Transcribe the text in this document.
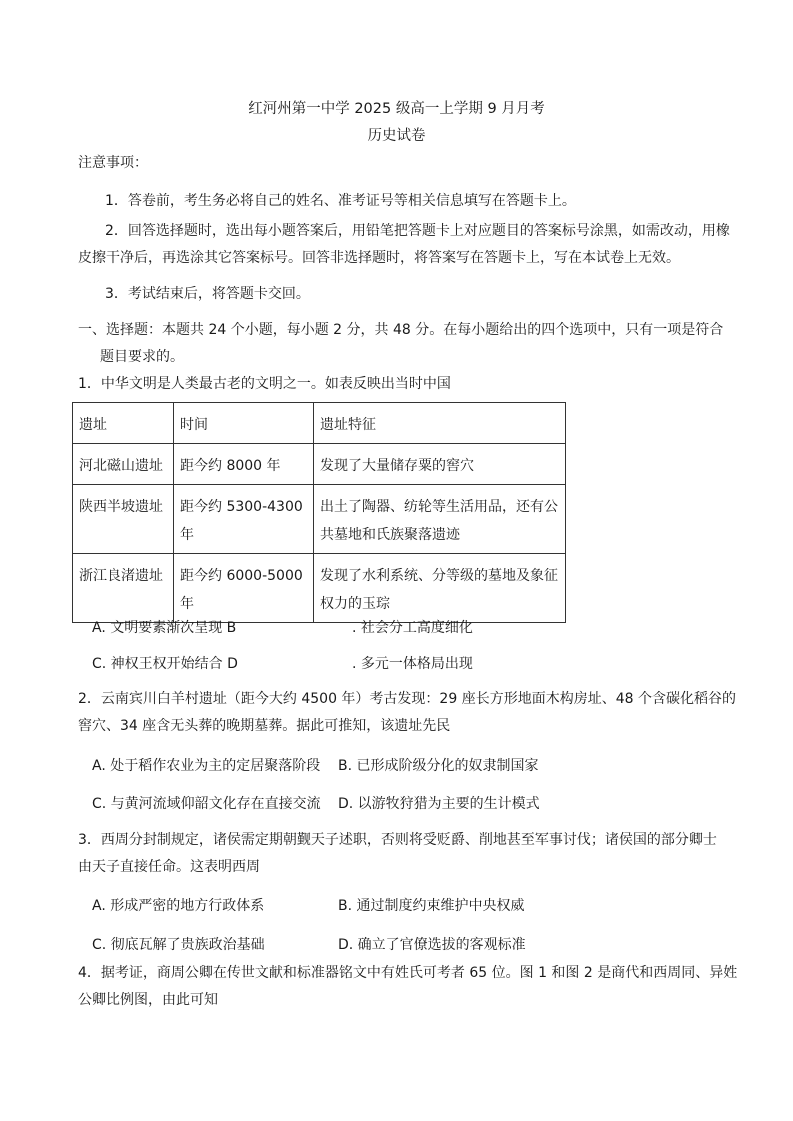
红河州第一中学 2025 级高一上学期 9 月月考
历史试卷
注意事项：
1．答卷前，考生务必将自己的姓名、准考证号等相关信息填写在答题卡上。
2．回答选择题时，选出每小题答案后，用铅笔把答题卡上对应题目的答案标号涂黑，如需改动，用橡
皮擦干净后，再选涂其它答案标号。回答非选择题时，将答案写在答题卡上，写在本试卷上无效。
3．考试结束后，将答题卡交回。
一、选择题：本题共 24 个小题，每小题 2 分，共 48 分。在每小题给出的四个选项中，只有一项是符合
题目要求的。
1．中华文明是人类最古老的文明之一。如表反映出当时中国
遗址	时间	遗址特征
河北磁山遗址	距今约 8000 年	发现了大量储存粟的窖穴
陕西半坡遗址	距今约 5300-4300 年	出土了陶器、纺轮等生活用品，还有公共墓地和氏族聚落遗迹
浙江良渚遗址	距今约 6000-5000 年	发现了水利系统、分等级的墓地及象征权力的玉琮
A. 文明要素渐次呈现 B	. 社会分工高度细化
C. 神权王权开始结合 D	. 多元一体格局出现
2．云南宾川白羊村遗址（距今大约 4500 年）考古发现：29 座长方形地面木构房址、48 个含碳化稻谷的
窖穴、34 座含无头葬的晚期墓葬。据此可推知，该遗址先民
A. 处于稻作农业为主的定居聚落阶段 B. 已形成阶级分化的奴隶制国家
C. 与黄河流域仰韶文化存在直接交流 D. 以游牧狩猎为主要的生计模式
3．西周分封制规定，诸侯需定期朝觐天子述职，否则将受贬爵、削地甚至军事讨伐；诸侯国的部分卿士
由天子直接任命。这表明西周
A. 形成严密的地方行政体系	B. 通过制度约束维护中央权威
C. 彻底瓦解了贵族政治基础	D. 确立了官僚选拔的客观标准
4．据考证，商周公卿在传世文献和标准器铭文中有姓氏可考者 65 位。图 1 和图 2 是商代和西周同、异姓
公卿比例图，由此可知
